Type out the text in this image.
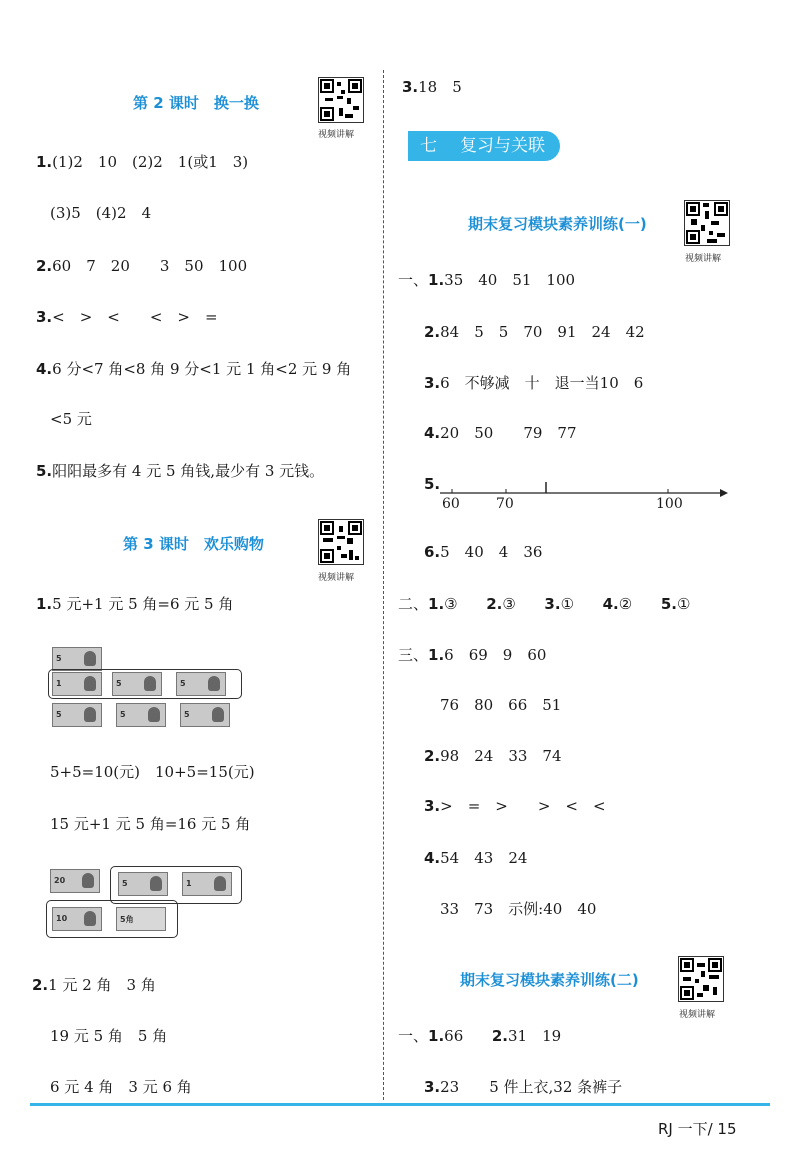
第 2 课时　换一换
视频讲解
1.(1)2　10　(2)2　1(或1　3)
(3)5　(4)2　4
2.60　7　20　　3　50　100
3.<　>　<　　<　>　=
4.6 分<7 角<8 角 9 分<1 元 1 角<2 元 9 角
<5 元
5.阳阳最多有 4 元 5 角钱,最少有 3 元钱。
第 3 课时　欢乐购物
视频讲解
1.5 元+1 元 5 角=6 元 5 角
5
1	5	5
5	5	5
5+5=10(元)　10+5=15(元)
15 元+1 元 5 角=16 元 5 角
20	5	1
10	5角
2.1 元 2 角　3 角
19 元 5 角　5 角
6 元 4 角　3 元 6 角
3.18　5
七 复习与关联
期末复习模块素养训练(一)
视频讲解
一、1.35　40　51　100
2.84　5　5　70　91　24　42
3.6　不够减　十　退一当10　6
4.20　50　　79　77
5.
60	70	100
6.5　40　4　36
二、1.③ 2.③ 3.① 4.② 5.①
三、1.6　69　9　60
76　80　66　51
2.98　24　33　74
3.>　=　>　　>　<　<
4.54　43　24
33　73　示例:40　40
期末复习模块素养训练(二)
视频讲解
一、1.66 2.31　19
3.23　　5 件上衣,32 条裤子
RJ 一下/ 15
